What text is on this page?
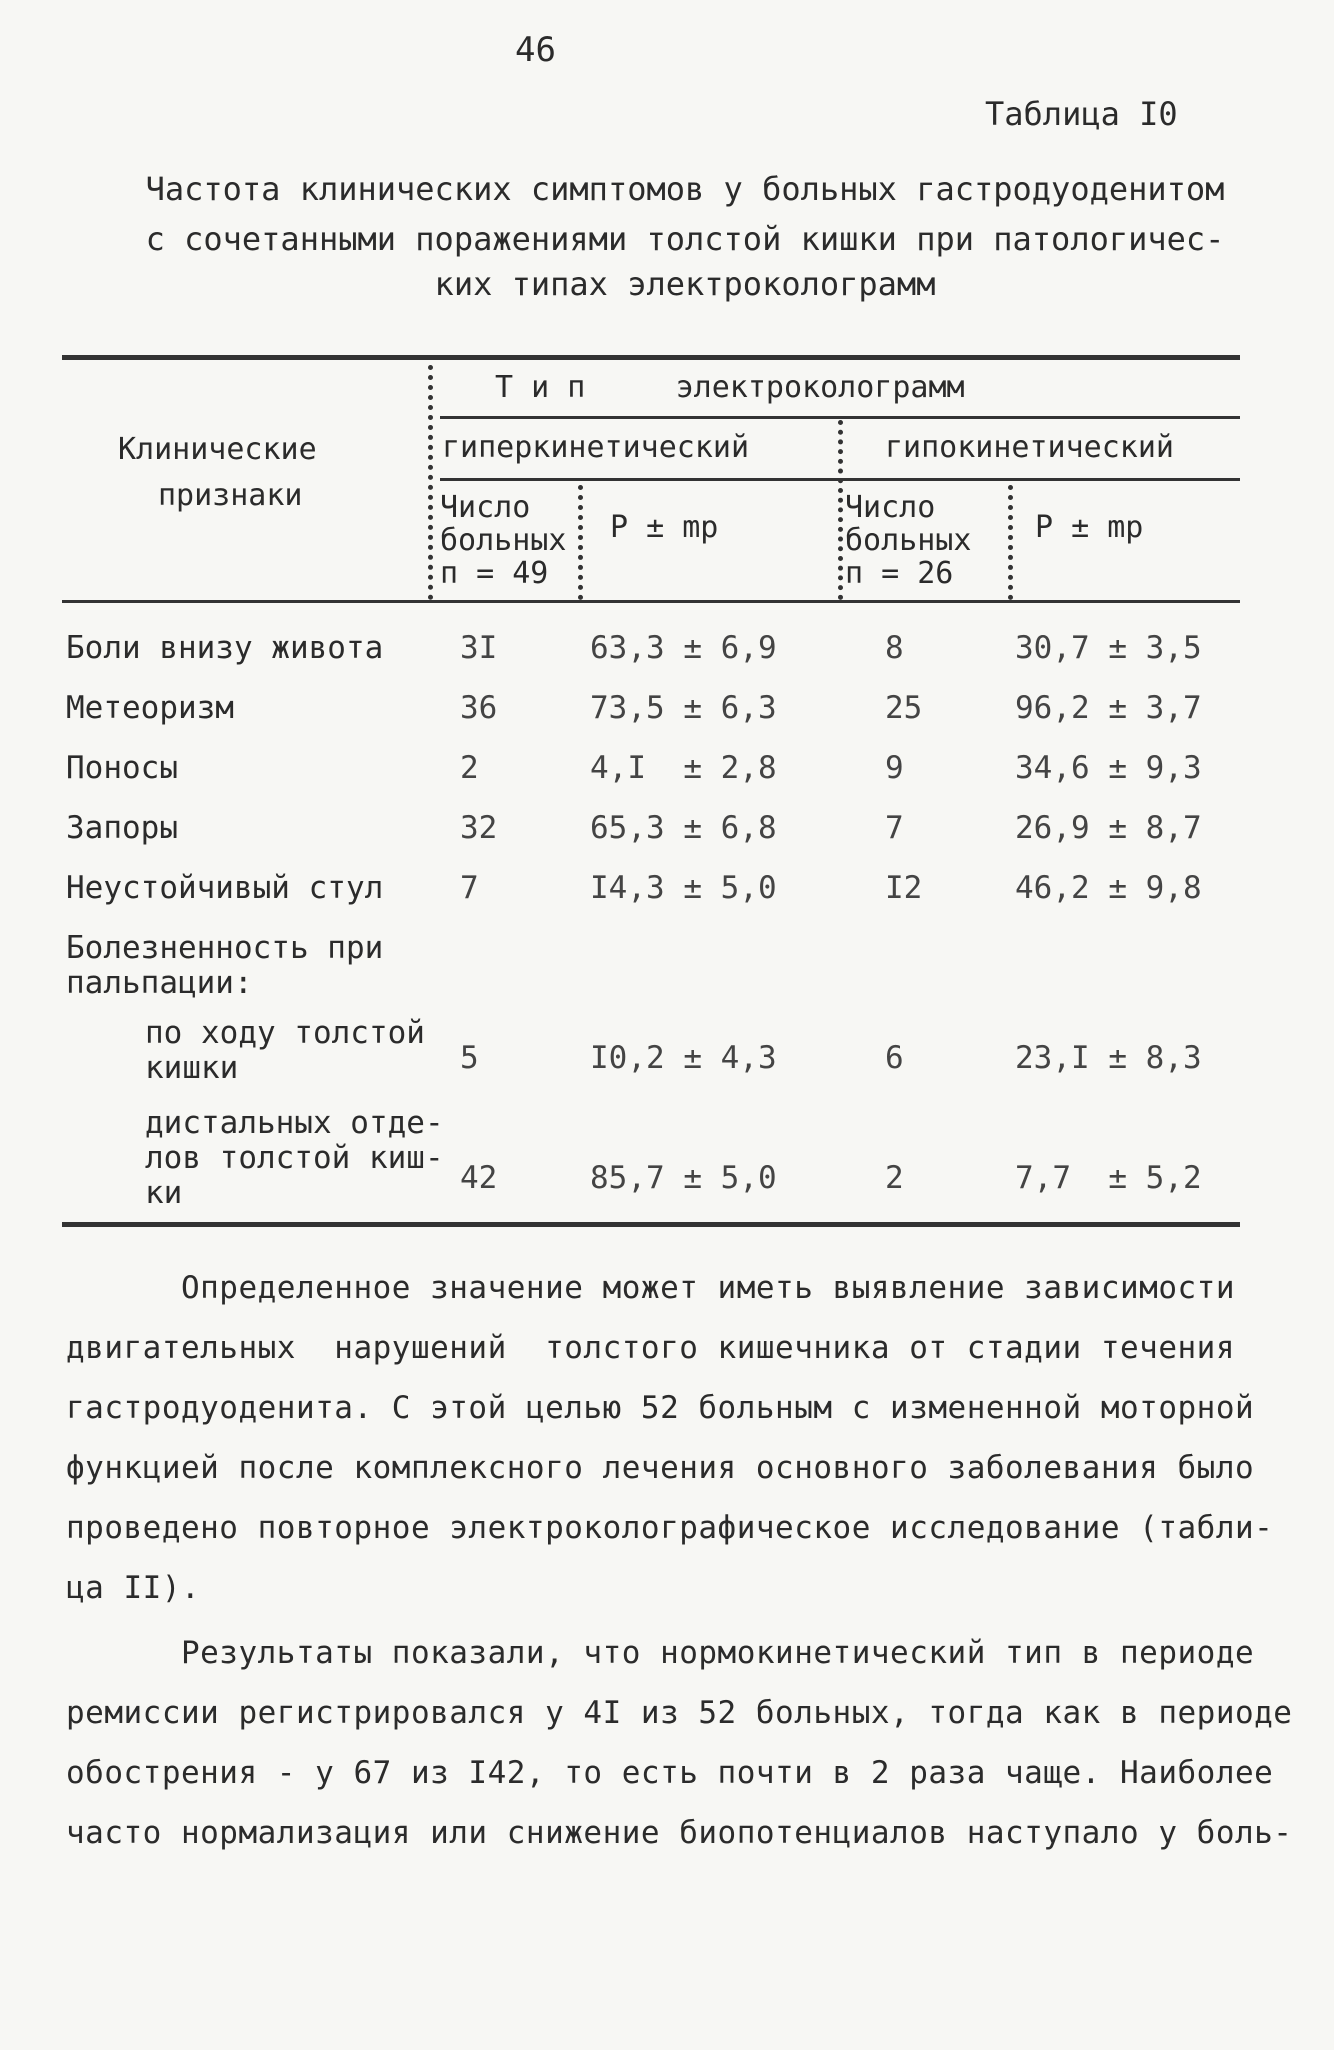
46
Таблица I0
Частота клинических симптомов у больных гастродуоденитом
с сочетанными поражениями толстой кишки при патологичес-
ких типах электрокологрaмм
Клинические
признаки
Т и п     электрокологрaмм
гиперкинетический	гипокинетический
Число
больных
п = 49
Р ± mр
Число
больных
п = 26
Р ± mр
Боли внизу живота 3I	63,3 ± 6,9	8	30,7 ± 3,5
Метеоризм	36	73,5 ± 6,3	25	96,2 ± 3,7
Поносы	2	4,I  ± 2,8	9	34,6 ± 9,3
Запоры	32	65,3 ± 6,8	7	26,9 ± 8,7
Неустойчивый стул 7	I4,3 ± 5,0	I2	46,2 ± 9,8
Болезненность при
пальпации:
по ходу толстой
кишки	5	I0,2 ± 4,3	6	23,I ± 8,3
дистальных отде-
лов толстой киш-
ки	42	85,7 ± 5,0	2	7,7  ± 5,2
Определенное значение может иметь выявление зависимости
двигательных  нарушений  толстого кишечника от стадии течения
гастродуоденита. С этой целью 52 больным с измененной моторной
функцией после комплексного лечения основного заболевания было
проведено повторное электрокологрaфическое исследование (табли-
ца II).
Результаты показали, что нормокинетический тип в периоде
ремиссии регистрировался у 4I из 52 больных, тогда как в периоде
обострения - у 67 из I42, то есть почти в 2 раза чаще. Наиболее
часто нормализация или снижение биопотенциалов наступало у боль-
